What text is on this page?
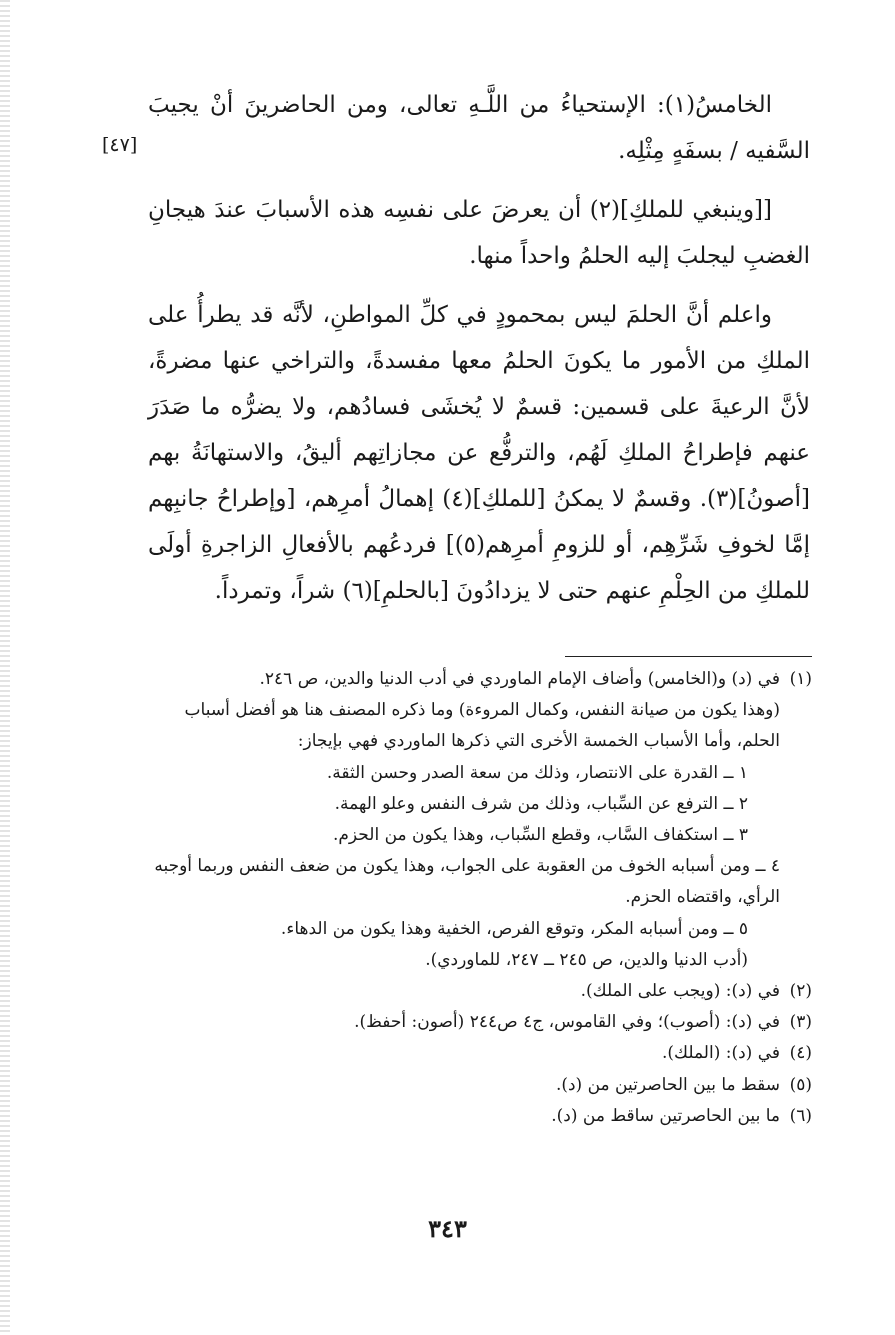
[٤٧]

الخامسُ(١): الإستحياءُ من اللَّـهِ تعالى، ومن الحاضرينَ أنْ يجيبَ السَّفيه / بسفَهٍ مِثْلِه.

[[وينبغي للملكِ](٢) أن يعرضَ على نفسِه هذه الأسبابَ عندَ هيجانِ الغضبِ ليجلبَ إليه الحلمُ واحداً منها.

واعلم أنَّ الحلمَ ليس بمحمودٍ في كلِّ المواطنِ، لأنَّه قد يطرأُ على الملكِ من الأمور ما يكونَ الحلمُ معها مفسدةً، والتراخي عنها مضرةً، لأنَّ الرعيةَ على قسمين: قسمٌ لا يُخشَى فسادُهم، ولا يضرُّه ما صَدَرَ عنهم فإطراحُ الملكِ لَهُم، والترفُّع عن مجازاتِهم أليقُ، والاستهانَةُ بهم [أصونُ](٣). وقسمٌ لا يمكنُ [للملكِ](٤) إهمالُ أمرِهم، [وإطراحُ جانبِهم إمَّا لخوفِ شَرِّهِم، أو للزومِ أمرِهم(٥)] فردعُهم بالأفعالِ الزاجرةِ أولَى للملكِ من الحِلْمِ عنهم حتى لا يزدادُونَ [بالحلمِ](٦) شراً، وتمرداً.

(١)
في (د) و(الخامس) وأضاف الإمام الماوردي في أدب الدنيا والدين، ص ٢٤٦.
(وهذا يكون من صيانة النفس، وكمال المروءة) وما ذكره المصنف هنا هو أفضل أسباب
الحلم، وأما الأسباب الخمسة الأخرى التي ذكرها الماوردي فهي بإيجاز:
١ ــ القدرة على الانتصار، وذلك من سعة الصدر وحسن الثقة.
٢ ــ الترفع عن السِّباب، وذلك من شرف النفس وعلو الهمة.
٣ ــ استكفاف السَّاب، وقطع السِّباب، وهذا يكون من الحزم.
٤ ــ ومن أسبابه الخوف من العقوبة على الجواب، وهذا يكون من ضعف النفس وربما أوجبه الرأي، واقتضاه الحزم.
٥ ــ ومن أسبابه المكر، وتوقع الفرص، الخفية وهذا يكون من الدهاء.
(أدب الدنيا والدين، ص ٢٤٥ ــ ٢٤٧، للماوردي).
(٢)
في (د): (ويجب على الملك).
(٣)
في (د): (أصوب)؛ وفي القاموس، ج٤ ص٢٤٤ (أصون: أحفظ).
(٤)
في (د): (الملك).
(٥)
سقط ما بين الحاصرتين من (د).
(٦)
ما بين الحاصرتين ساقط من (د).
٣٤٣
